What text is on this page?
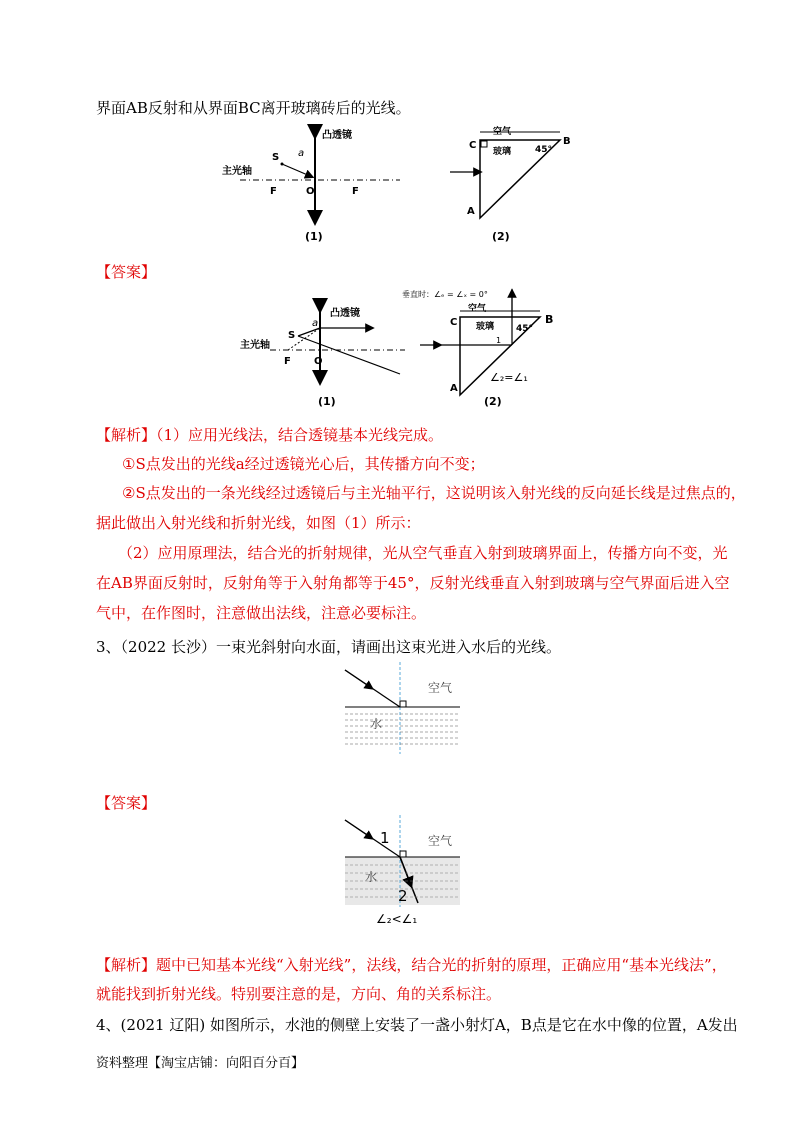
界面AB反射和从界面BC离开玻璃砖后的光线。
凸透镜
主光轴
S a
O
F	F
(1)
空气
玻璃
C	B
A
45°
(2)
【答案】
凸透镜
主光轴
S
a
O
F
(1)
垂直时：∠ₑ = ∠ₓ = 0°
空气
玻璃
C	B
A
45°
1
∠₂=∠₁
(2)
【解析】（1）应用光线法，结合透镜基本光线完成。
①S点发出的光线a经过透镜光心后，其传播方向不变；
②S点发出的一条光线经过透镜后与主光轴平行，这说明该入射光线的反向延长线是过焦点的，
据此做出入射光线和折射光线，如图（1）所示：
（2）应用原理法，结合光的折射规律，光从空气垂直入射到玻璃界面上，传播方向不变，光
在AB界面反射时，反射角等于入射角都等于45°，反射光线垂直入射到玻璃与空气界面后进入空
气中，在作图时，注意做出法线，注意必要标注。
3、（2022 长沙）一束光斜射向水面，请画出这束光进入水后的光线。
空气
水
【答案】
1
2
空气
水
∠₂<∠₁
【解析】题中已知基本光线“入射光线”，法线，结合光的折射的原理，正确应用“基本光线法”，
就能找到折射光线。特别要注意的是，方向、角的关系标注。
4、(2021 辽阳) 如图所示，水池的侧壁上安装了一盏小射灯A，B点是它在水中像的位置，A发出
资料整理【淘宝店铺：向阳百分百】
